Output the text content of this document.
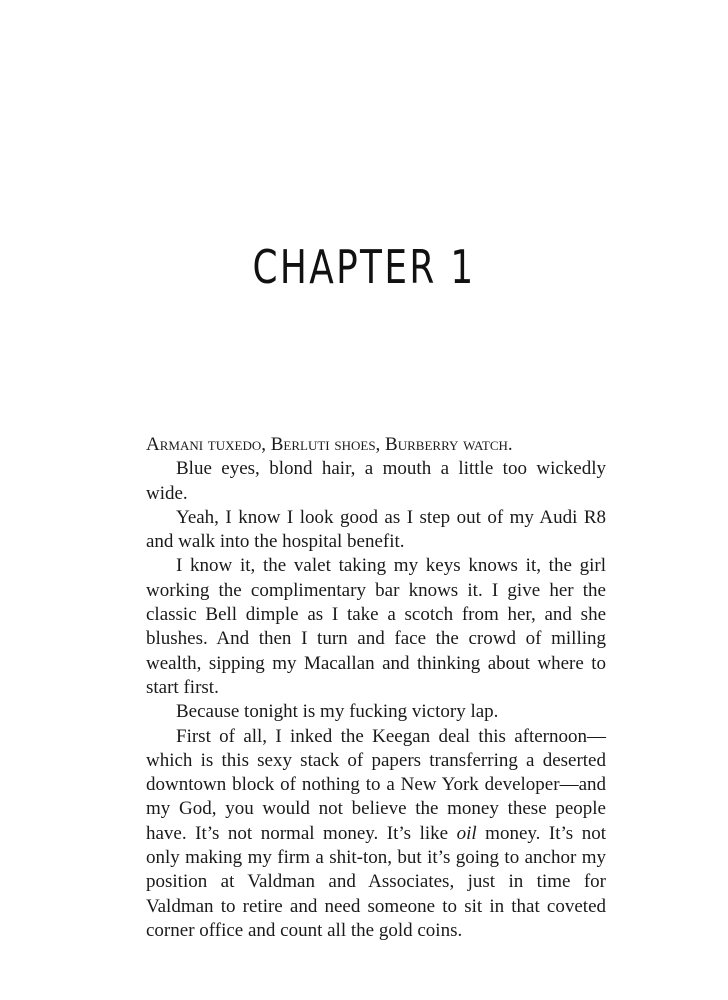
CHAPTER 1

Armani tuxedo, Berluti shoes, Burberry watch.

Blue eyes, blond hair, a mouth a little too wickedly wide.

Yeah, I know I look good as I step out of my Audi R8 and walk into the hospital benefit.

I know it, the valet taking my keys knows it, the girl working the complimentary bar knows it. I give her the classic Bell dimple as I take a scotch from her, and she blushes. And then I turn and face the crowd of milling wealth, sipping my Macallan and thinking about where to start first.

Because tonight is my fucking victory lap.

First of all, I inked the Keegan deal this afternoon—which is this sexy stack of papers transferring a deserted downtown block of nothing to a New York developer—and my God, you would not believe the money these people have. It’s not normal money. It’s like oil money. It’s not only making my firm a shit-ton, but it’s going to anchor my position at Valdman and Associates, just in time for Valdman to retire and need someone to sit in that coveted corner office and count all the gold coins.
